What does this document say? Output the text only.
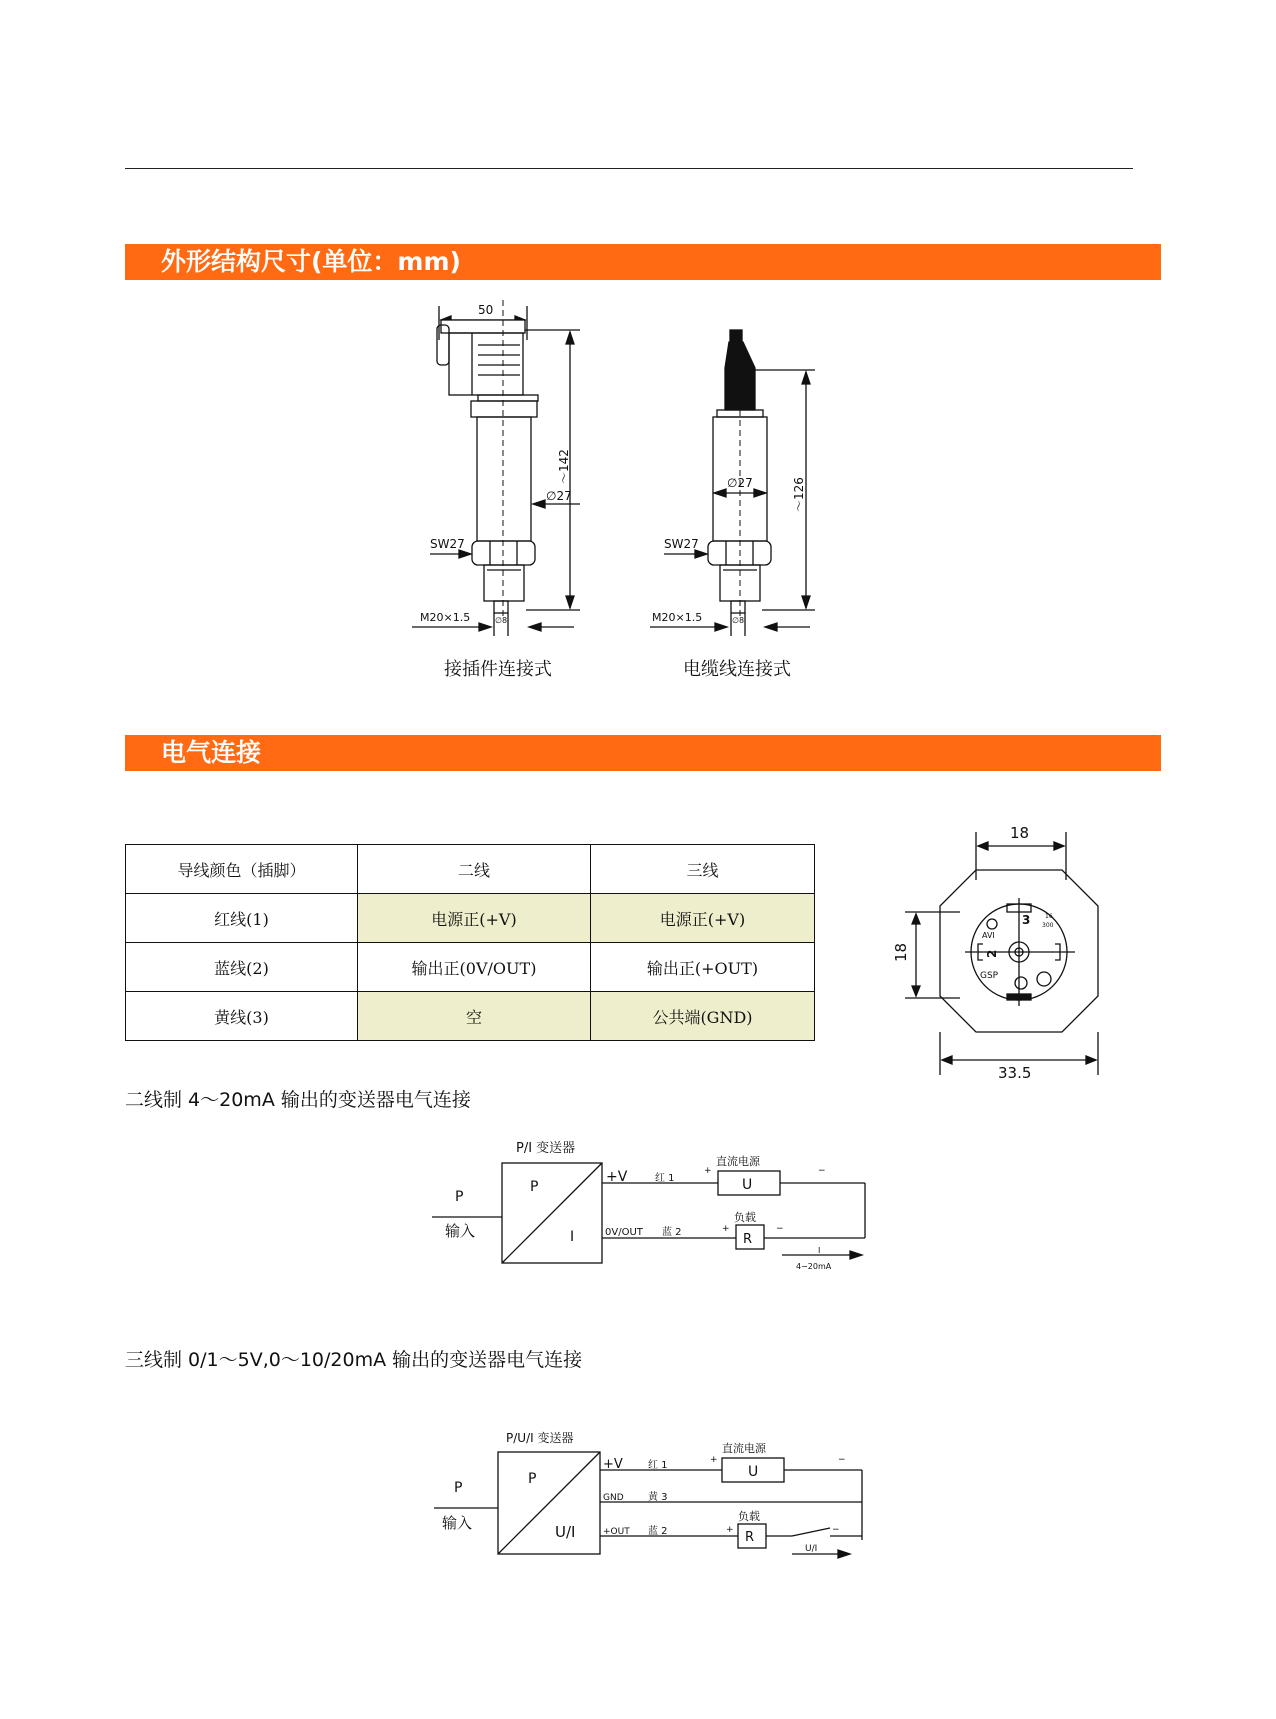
外形结构尺寸(单位：mm)
50
～142
∅27
SW27
M20×1.5	∅8
～126
∅27
SW27
M20×1.5	∅8
接插件连接式	电缆线连接式
电气连接
导线颜色（插脚）	二线	三线
红线(1)	电源正(+V)	电源正(+V)
蓝线(2)	输出正(0V/OUT)	输出正(+OUT)
黄线(3)	空	公共端(GND)
18
18
33.5
3
2
AVI
GSP
16
300
二线制 4～20mA 输出的变送器电气连接
P/I 变送器
P
I
P
输入
+V
0V/OUT
红 1
蓝 2
直流电源
U
负载
R
+	−
+	−
I
4−20mA
三线制 0/1～5V,0～10/20mA 输出的变送器电气连接
P/U/I 变送器
P
U/I
P
输入
+V
GND
+OUT
红 1
黄 3
蓝 2
直流电源
U
负载
R
+	−
+	−
U/I
